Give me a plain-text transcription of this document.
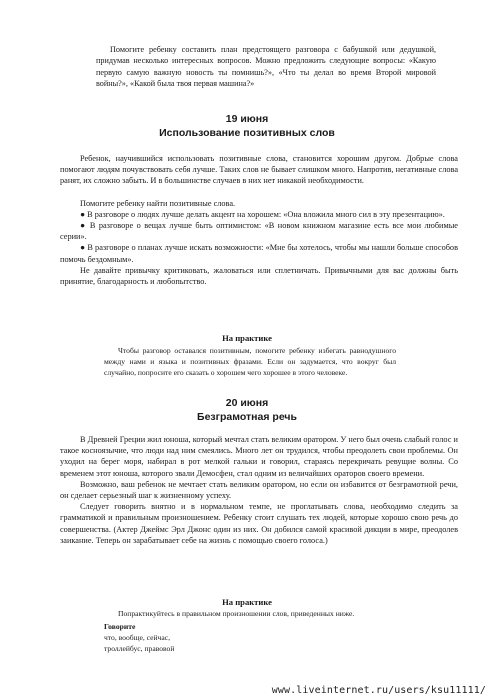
Помогите ребенку составить план предстоящего разговора с бабушкой или дедушкой, придумав несколько интересных вопросов. Можно предложить следующие вопросы: «Какую первую самую важную новость ты помнишь?», «Что ты делал во время Второй мировой войны?», «Какой была твоя первая машина?»

19 июня
Использование позитивных слов

Ребенок, научившийся использовать позитивные слова, становится хорошим другом. Добрые слова помогают людям почувствовать себя лучше. Таких слов не бывает слишком много. Напротив, негативные слова ранят, их сложно забыть. И в большинстве случаев в них нет никакой необходимости.

Помогите ребенку найти позитивные слова.

● В разговоре о людях лучше делать акцент на хорошем: «Она вложила много сил в эту презентацию».

● В разговоре о вещах лучше быть оптимистом: «В новом книжном магазине есть все мои любимые серии».

● В разговоре о планах лучше искать возможности: «Мне бы хотелось, чтобы мы нашли больше способов помочь бездомным».

Не давайте привычку критиковать, жаловаться или сплетничать. Привычными для вас должны быть принятие, благодарность и любопытство.

На практике

Чтобы разговор оставался позитивным, помогите ребенку избегать равнодушного между нами и языка и позитивных фразами. Если он задумается, что вокруг был случайно, попросите его сказать о хорошем чего хорошее в этого человеке.

20 июня
Безграмотная речь

В Древней Греции жил юноша, который мечтал стать великим оратором. У него был очень слабый голос и такое косноязычие, что люди над ним смеялись. Много лет он трудился, чтобы преодолеть свои проблемы. Он уходил на берег моря, набирал в рот мелкой гальки и говорил, стараясь перекричать ревущие волны. Со временем этот юноша, которого звали Демосфен, стал одним из величайших ораторов своего времени.

Возможно, ваш ребенок не мечтает стать великим оратором, но если он избавится от безграмотной речи, он сделает серьезный шаг к жизненному успеху.

Следует говорить внятно и в нормальном темпе, не проглатывать слова, необходимо следить за грамматикой и правильным произношением. Ребенку стоит слушать тех людей, которые хорошо свою речь до совершенства. (Актер Джеймс Эрл Джонс один из них. Он добился самой красивой дикции в мире, преодолев заикание. Теперь он зарабатывает себе на жизнь с помощью своего голоса.)

На практике

Попрактикуйтесь в правильном произношении слов, приведенных ниже.

Говорите
что, вообще, сейчас,
троллейбус, правовой
www.liveinternet.ru/users/ksu11111/
